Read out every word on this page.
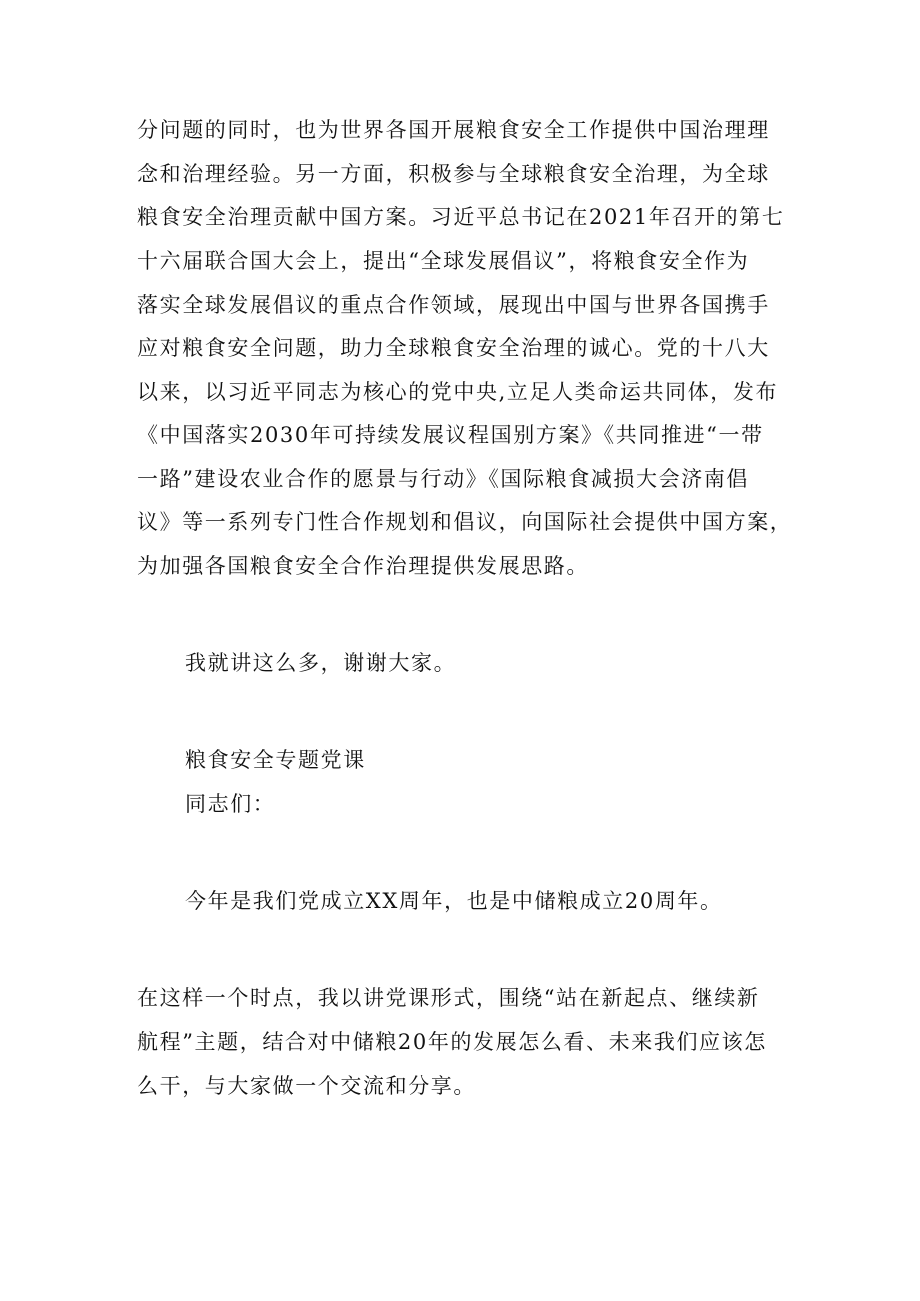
分问题的同时，也为世界各国开展粮食安全工作提供中国治理理
念和治理经验。另一方面，积极参与全球粮食安全治理，为全球
粮食安全治理贡献中国方案。习近平总书记在2021年召开的第七
十六届联合国大会上，提出“全球发展倡议”，将粮食安全作为
落实全球发展倡议的重点合作领域，展现出中国与世界各国携手
应对粮食安全问题，助力全球粮食安全治理的诚心。党的十八大
以来，以习近平同志为核心的党中央,立足人类命运共同体，发布
《中国落实2030年可持续发展议程国别方案》《共同推进“一带
一路”建设农业合作的愿景与行动》《国际粮食减损大会济南倡
议》等一系列专门性合作规划和倡议，向国际社会提供中国方案，
为加强各国粮食安全合作治理提供发展思路。
我就讲这么多，谢谢大家。
粮食安全专题党课
同志们：
今年是我们党成立XX周年，也是中储粮成立20周年。
在这样一个时点，我以讲党课形式，围绕“站在新起点、继续新
航程”主题，结合对中储粮20年的发展怎么看、未来我们应该怎
么干，与大家做一个交流和分享。
